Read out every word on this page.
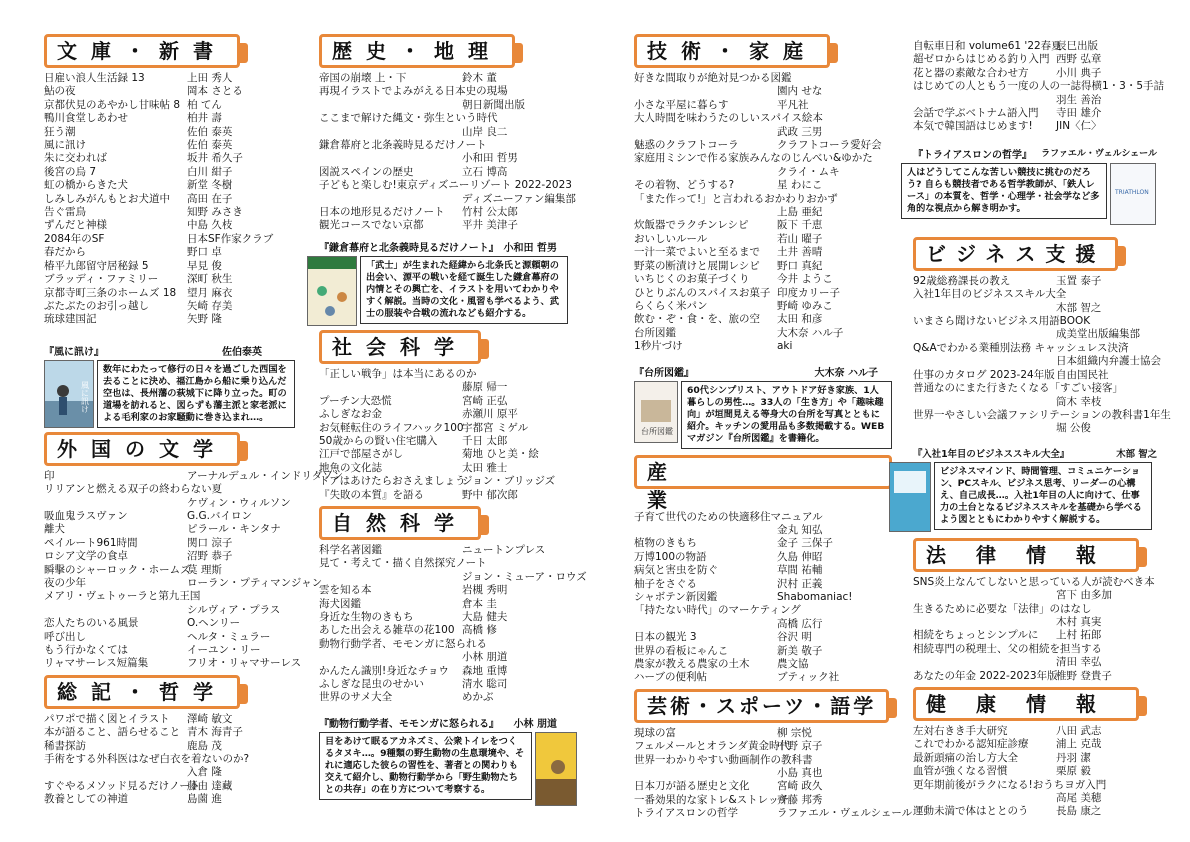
文庫・新書
日雇い浪人生活録 13	上田 秀人
鮎の夜	岡本 さとる
京都伏見のあやかし甘味帖 8 柏 てん
鴨川食堂しあわせ	柏井 壽
狂う潮	佐伯 泰英
風に訊け	佐伯 泰英
朱に交われば	坂井 希久子
後宮の烏 7	白川 紺子
虹の橋からきた犬	新堂 冬樹
しみしみがんもとお犬道中	高田 在子
告ぐ雷鳥	知野 みさき
ずんだと神様	中島 久枝
2084年のSF	日本SF作家クラブ
春だから	野口 卓
椿平九郎留守居秘録 5	早見 俊
ブラッディ・ファミリー	深町 秋生
京都寺町三条のホームズ 18	望月 麻衣
ぶたぶたのお引っ越し	矢崎 存美
琉球建国記	矢野 隆
『風に訊け』	佐伯泰英
風に訊け
数年にわたって修行の日々を過ごした西国を去ることに決め、福江島から船に乗り込んだ空也は、長州藩の萩城下に降り立った。町の道場を訪れると、図らずも藩主派と家老派による毛利家のお家騒動に巻き込まれ…。
外国の文学
印	アーナルデュル・インドリダソン
リリアンと燃える双子の終わらない夏
ケヴィン・ウィルソン
吸血鬼ラスヴァン	G.G.バイロン
離犬	ピラール・キンタナ
ペイルート961時間	関口 涼子
ロシア文学の食卓	沼野 恭子
瞬擊のシャーロック・ホームズ
莫 理斯
夜の少年	ローラン・プティマンジャン
メアリ・ヴェトゥーラと第九王国
シルヴィア・プラス
恋人たちのいる風景	O.ヘンリー
呼び出し	ヘルタ・ミュラー
もう行かなくては	イーユン・リー
リャマサーレス短篇集	フリオ・リャマサーレス
総記・哲学
パワポで描く図とイラスト	澤崎 敏文
本が語ること、語らせること 青木 海青子
稀書探訪	鹿島 茂
手術をする外科医はなぜ白衣を着ないのか?
入倉 隆
すぐやるメソッド見るだけノート
藤由 達藏
教養としての神道	島薗 進
歴史・地理
帝国の崩壊 上・下	鈴木 董
再現イラストでよみがえる日本史の現場
朝日新聞出版
ここまで解けた縄文・弥生という時代
山岸 良二
鎌倉幕府と北条義時見るだけノート
小和田 哲男
図説スペインの歴史	立石 博高
子どもと楽しむ!東京ディズニーリゾート 2022-2023
ディズニーファン編集部
日本の地形見るだけノート	竹村 公太郎
観光コースでない京都	平井 美津子
『鎌倉幕府と北条義時見るだけノート』 小和田 哲男
「武士」が生まれた経緯から北条氏と源頼朝の出会い、源平の戦いを経て誕生した鎌倉幕府の内情とその興亡を、イラストを用いてわかりやすく解説。当時の文化・風習も学べるよう、武士の服装や合戦の流れなども紹介する。
社会科学
「正しい戦争」は本当にあるのか
藤原 帰一
プーチン大恐慌	宮崎 正弘
ふしぎなお金	赤瀬川 原平
お気軽転住のライフハック100
宇都宮 ミゲル
50歳からの賢い住宅購入	千日 太郎
江戸で部屋さがし	菊地 ひと美・絵
地魚の文化誌	太田 雅士
ドアはあけたらおさえましょう
ジョン・ブリッジズ
『失敗の本質』を語る	野中 郁次郎
自然科学
科学名著図鑑	ニュートンプレス
見て・考えて・描く自然探究ノート
ジョン・ミューア・ロウズ
雲を知る本	岩槻 秀明
海犬図鑑	倉本 圭
身近な生物のきもち	大島 健夫
あした出会える雑草の花100 高橋 修
動物行動学者、モモンガに怒られる
小林 朋道
かんたん識別!身近なチョウ	森地 重博
ふしぎな昆虫のせかい	清水 聡司
世界のサメ大全	めかぶ
『動物行動学者、モモンガに怒られる』 小林 朋道
目をあけて眠るアカネズミ、公衆トイレをつくるタヌキ…。9種類の野生動物の生息環境や、それに適応した彼らの習性を、著者との関わりも交えて紹介し、動物行動学から「野生動物たちとの共存」の在り方について考察する。
技術・家庭
好きな間取りが絶対見つかる図鑑
園内 せな
小さな平屋に暮らす	平凡社
大人時間を味わうたのしいスパイス絵本
武政 三男
魅惑のクラフトコーラ	クラフトコーラ愛好会
家庭用ミシンで作る家族みんなのじんべい&ゆかた
クライ・ムキ
その着物、どうする?	星 わにこ
「また作って!」と言われるおかわりおかず
上島 亜紀
炊飯器でラクチンレシピ	阪下 千恵
おいしいルール	若山 曜子
一汁一菜でよいと至るまで	土井 善晴
野菜の断漬けと展開レシピ	野口 真紀
いちじくのお菓子づくり	今井 ようこ
ひとりぶんのスパイスお菓子 印度カリー子
らくらく米パン	野崎 ゆみこ
飲む・ぞ・食・を、旅の空	太田 和彦
台所図鑑	大木奈 ハル子
1秒片づけ	aki
『台所図鑑』	大木奈 ハル子
台所図鑑
60代シンプリスト、アウトドア好き家族、1人暮らしの男性…。33人の「生き方」や「趣味趣向」が垣間見える等身大の台所を写真とともに紹介。キッチンの愛用品も多数掲載する。WEBマガジン『台所図鑑』を書籍化。
産業
子育て世代のための快適移住マニュアル
金丸 知弘
植物のきもち	金子 三保子
万博100の物語	久島 伸昭
病気と害虫を防ぐ	草間 祐輔
柚子をさぐる	沢村 正義
シャボテン新図鑑	Shabomaniac!
「持たない時代」のマーケティング
高橋 広行
日本の観光 3	谷沢 明
世界の看板にゃんこ	新美 敬子
農家が教える農家の土木	農文協
ハーブの便利帖	ブティック社
芸術・スポーツ・語学
現球の富	柳 宗悦
フェルメールとオランダ黄金時代
中野 京子
世界一わかりやすい動画制作の教科書
小島 真也
日本刀が語る歴史と文化	宮崎 政久
一番効果的な家トレ&ストレッチ
齊藤 邦秀
トライアスロンの哲学	ラファエル・ヴェルシェール
自転車日和 volume61 '22春夏
辰巳出版
超ゼロからはじめる釣り入門 西野 弘章
花と器の素敵な合わせ方	小川 典子
はじめての人ともう一度の人の一誌得横1・3・5手詰
羽生 善治
会話で学ぶベトナム語入門	寺田 雄介
本気で韓国語はじめます!	JIN〈仁〉
『トライアスロンの哲学』 ラファエル・ヴェルシェール
人はどうしてこんな苦しい競技に挑むのだろう? 自らも競技者である哲学教師が、「鉄人レース」の本質を、哲学・心理学・社会学など多角的な視点から解き明かす。
TRIATHLON
ビジネス支援
92歳総務課長の教え	玉置 泰子
入社1年目のビジネススキル大全
木部 智之
いまさら聞けないビジネス用語BOOK
成美堂出版編集部
Q&Aでわかる業種別法務 キャッシュレス決済
日本組織内弁護士協会
仕事のカタログ 2023-24年版 自由国民社
普通なのにまた行きたくなる「すごい接客」
筒木 幸枝
世界一やさしい会議ファシリテーションの教科書1年生
堀 公俊
『入社1年目のビジネススキル大全』	木部 智之
ビジネスマインド、時間管理、コミュニケーション、PCスキル、ビジネス思考、リーダーの心構え、自己成長…。入社1年目の人に向けて、仕事力の土台となるビジネススキルを基礎から学べるよう図とともにわかりやすく解説する。
法律情報
SNS炎上なんてしないと思っている人が読むべき本
宮下 由多加
生きるために必要な「法律」のはなし
木村 真実
相続をちょっとシンプルに	上村 拓郎
相続専門の税理士、父の相続を担当する
清田 幸弘
あなたの年金 2022-2023年版
椎野 登貴子
健康情報
左対右きき手大研究	八田 武志
これでわかる認知症診療	浦上 克哉
最新頭痛の治し方大全	丹羽 潔
血管が強くなる習慣	栗原 毅
更年期前後がラクになる!おうちヨガ入門
高尾 美穂
運動未満で体はととのう	長島 康之
